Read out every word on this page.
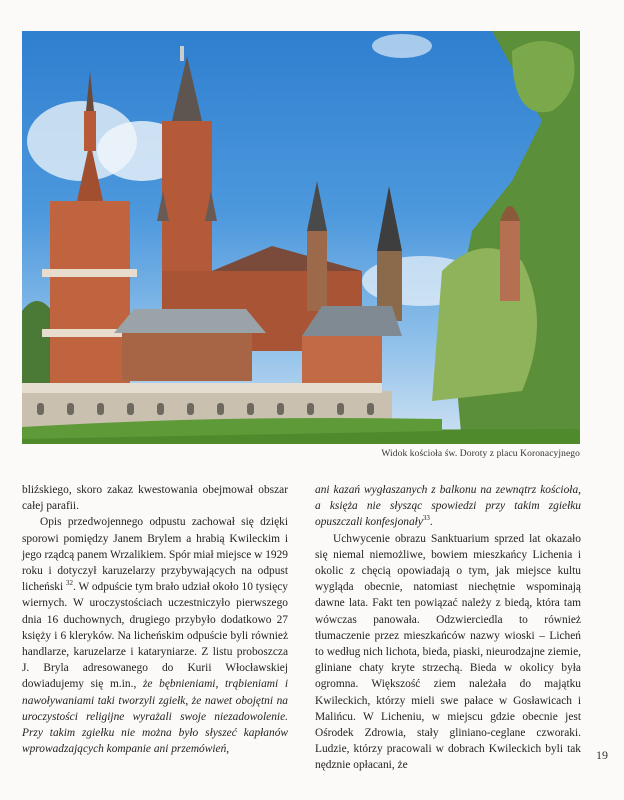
Widok kościoła św. Doroty z placu Koronacyjnego

bliźskiego, skoro zakaz kwestowania obejmował obszar całej parafii.

Opis przedwojennego odpustu zachował się dzięki sporowi pomiędzy Janem Brylem a hrabią Kwileckim i jego rządcą panem Wrzalikiem. Spór miał miejsce w 1929 roku i dotyczył karuzelarzy przybywających na odpust licheński $^{32}$. W odpuście tym brało udział około 10 tysięcy wiernych. W uroczystościach uczestniczyło pierwszego dnia 16 duchownych, drugiego przybyło dodatkowo 27 księży i 6 kleryków. Na licheńskim odpuście byli również handlarze, karuzelarze i kataryniarze. Z listu proboszcza J. Bryla adresowanego do Kurii Włocławskiej dowiadujemy się m.in., że bębnieniami, trąbieniami i nawoływaniami taki tworzyli zgiełk, że nawet obojętni na uroczystości religijne wyrażali swoje niezadowolenie. Przy takim zgiełku nie można było słyszeć kapłanów wprowadzających kompanie ani przemówień,

ani kazań wygłaszanych z balkonu na zewnątrz kościoła, a księża nie słysząc spowiedzi przy takim zgiełku opuszczali konfesjonały$^{33}$.

Uchwycenie obrazu Sanktuarium sprzed lat okazało się niemal niemożliwe, bowiem mieszkańcy Lichenia i okolic z chęcią opowiadają o tym, jak miejsce kultu wygląda obecnie, natomiast niechętnie wspominają dawne lata. Fakt ten powiązać należy z biedą, która tam wówczas panowała. Odzwierciedla to również tłumaczenie przez mieszkańców nazwy wioski – Licheń to według nich lichota, bieda, piaski, nieurodzajne ziemie, gliniane chaty kryte strzechą. Bieda w okolicy była ogromna. Większość ziem należała do majątku Kwileckich, którzy mieli swe pałace w Gosławicach i Malińcu. W Licheniu, w miejscu gdzie obecnie jest Ośrodek Zdrowia, stały gliniano-ceglane czworaki. Ludzie, którzy pracowali w dobrach Kwileckich byli tak nędznie opłacani, że

19
